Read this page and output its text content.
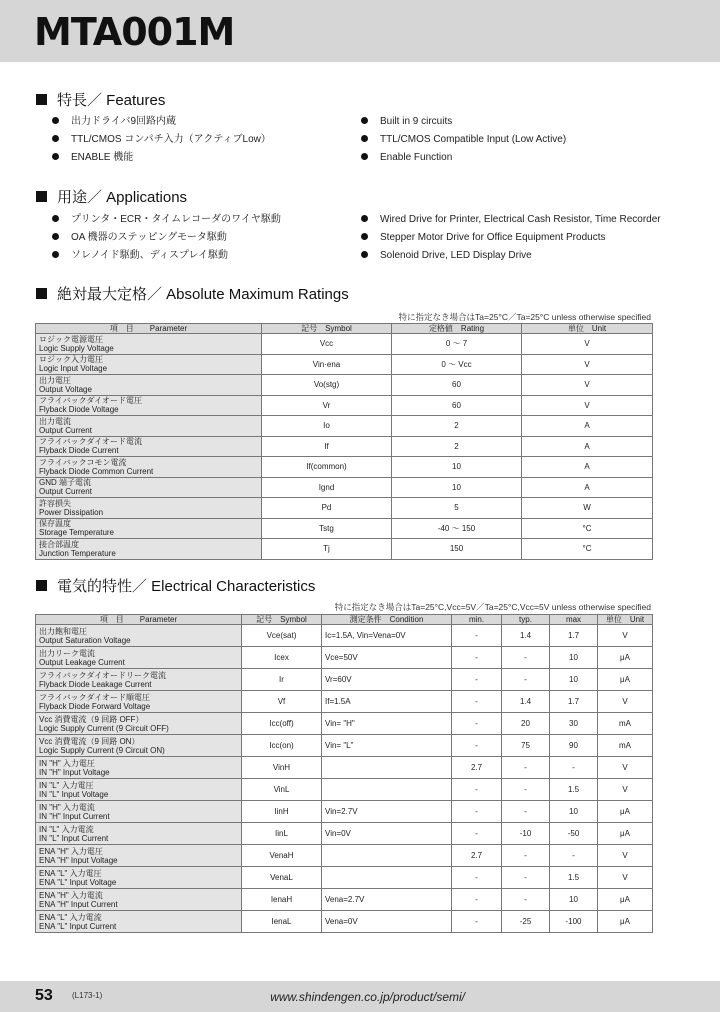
MTA001M
特長／ Features
出力ドライバ9回路内蔵
TTL/CMOS コンパチ入力（アクティブLow）
ENABLE 機能
Built in 9 circuits
TTL/CMOS Compatible Input (Low Active)
Enable Function
用途／ Applications
プリンタ・ECR・タイムレコーダのワイヤ駆動
OA 機器のステッピングモータ駆動
ソレノイド駆動、ディスプレイ駆動
Wired Drive for Printer, Electrical Cash Resistor, Time Recorder
Stepper Motor Drive for Office Equipment Products
Solenoid Drive, LED Display Drive
絶対最大定格／ Absolute Maximum Ratings
特に指定なき場合はTa=25°C／Ta=25°C unless otherwise specified
項　目　　Parameter	記号　Symbol	定格値　Rating	単位　Unit

ロジック電源電圧
Logic Supply Voltage	Vcc	0 ～ 7	V

ロジック入力電圧
Logic Input Voltage	Vin·ena	0 ～ Vcc	V

出力電圧
Output Voltage	Vo(stg)	60	V

フライバックダイオード電圧
Flyback Diode Voltage	Vr	60	V

出力電流
Output Current	Io	2	A

フライバックダイオード電流
Flyback Diode Current	If	2	A

フライバックコモン電流
Flyback Diode Common Current	If(common)	10	A

GND 端子電流
Output Current	Ignd	10	A

許容損失
Power Dissipation	Pd	5	W

保存温度
Storage Temperature	Tstg	-40 ～ 150	°C

接合部温度
Junction Temperature	Tj	150	°C
電気的特性／ Electrical Characteristics
特に指定なき場合はTa=25°C,Vcc=5V／Ta=25°C,Vcc=5V unless otherwise specified
項　目　　Parameter	記号　Symbol	測定条件　Condition	min.	typ.	max	単位　Unit

出力飽和電圧
Output Saturation Voltage	Vce(sat)	Ic=1.5A, Vin=Vena=0V	-	1.4	1.7	V

出力リーク電流
Output Leakage Current	Icex	Vce=50V	-	-	10	μA

フライバックダイオードリーク電流
Flyback Diode Leakage Current	Ir	Vr=60V	-	-	10	μA

フライバックダイオード順電圧
Flyback Diode Forward Voltage	Vf	If=1.5A	-	1.4	1.7	V

Vcc 消費電流（9 回路 OFF）
Logic Supply Current (9 Circuit OFF)	Icc(off)	Vin= "H"	-	20	30	mA

Vcc 消費電流（9 回路 ON）
Logic Supply Current (9 Circuit ON)	Icc(on)	Vin= "L"	-	75	90	mA

IN "H" 入力電圧
IN "H" Input Voltage	VinH		2.7	-	-	V

IN "L" 入力電圧
IN "L" Input Voltage	VinL		-	-	1.5	V

IN "H" 入力電流
IN "H" Input Current	IinH	Vin=2.7V	-	-	10	μA

IN "L" 入力電流
IN "L" Input Current	IinL	Vin=0V	-	-10	-50	μA

ENA "H" 入力電圧
ENA "H" Input Voltage	VenaH		2.7	-	-	V

ENA "L" 入力電圧
ENA "L" Input Voltage	VenaL		-	-	1.5	V

ENA "H" 入力電流
ENA "H" Input Current	IenaH	Vena=2.7V	-	-	10	μA

ENA "L" 入力電流
ENA "L" Input Current	IenaL	Vena=0V	-	-25	-100	μA
53 (L173-1)	www.shindengen.co.jp/product/semi/
